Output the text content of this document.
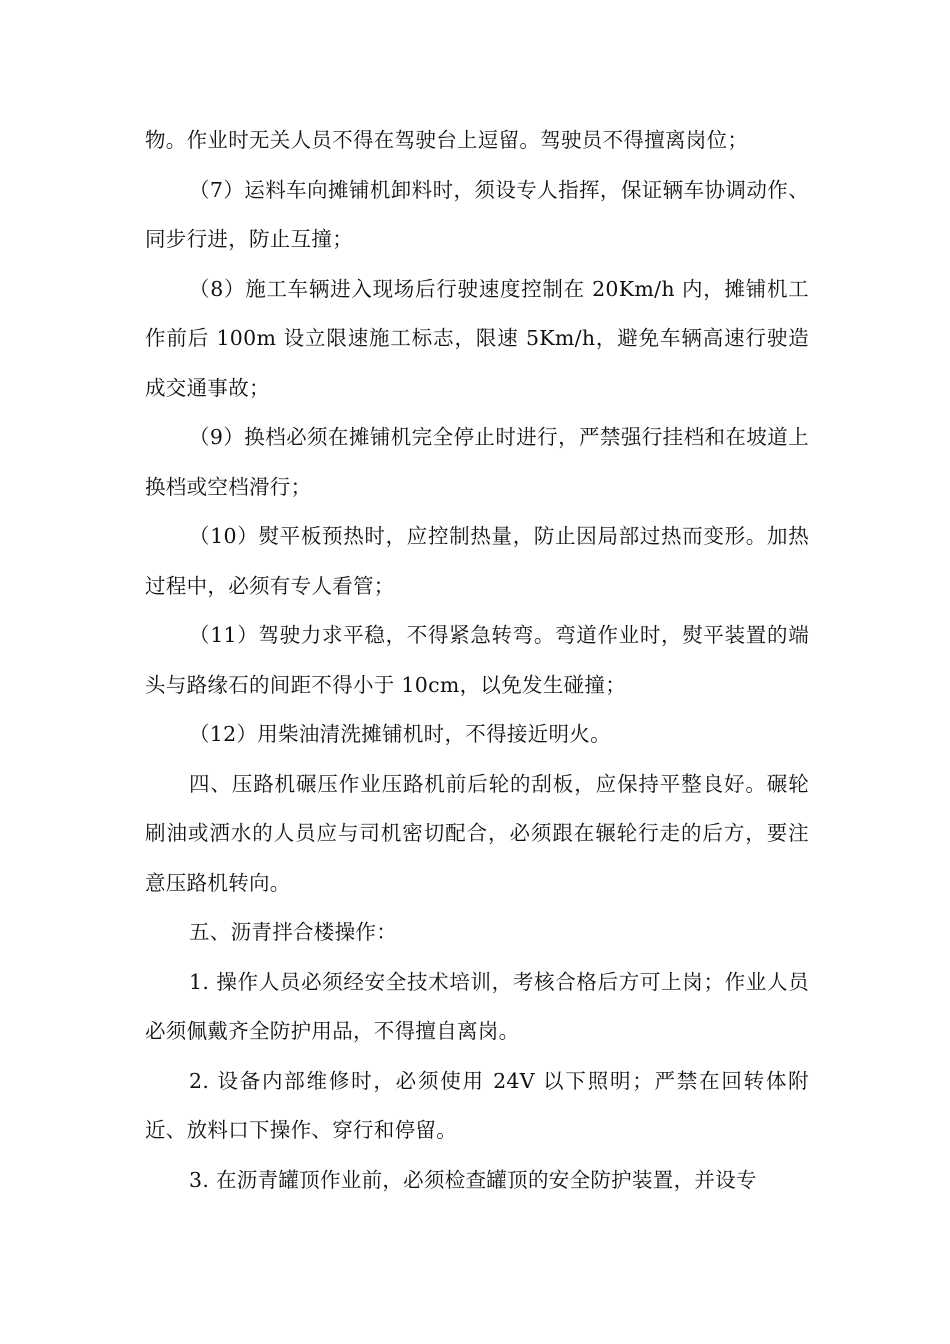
物。作业时无关人员不得在驾驶台上逗留。驾驶员不得擅离岗位；

（7）运料车向摊铺机卸料时，须设专人指挥，保证辆车协调动作、同步行进，防止互撞；

（8）施工车辆进入现场后行驶速度控制在 20Km/h 内，摊铺机工作前后 100m 设立限速施工标志，限速 5Km/h，避免车辆高速行驶造成交通事故；

（9）换档必须在摊铺机完全停止时进行，严禁强行挂档和在坡道上换档或空档滑行；

（10）熨平板预热时，应控制热量，防止因局部过热而变形。加热过程中，必须有专人看管；

（11）驾驶力求平稳，不得紧急转弯。弯道作业时，熨平装置的端头与路缘石的间距不得小于 10cm，以免发生碰撞；

（12）用柴油清洗摊铺机时，不得接近明火。

四、压路机碾压作业压路机前后轮的刮板，应保持平整良好。碾轮刷油或洒水的人员应与司机密切配合，必须跟在辗轮行走的后方，要注意压路机转向。

五、沥青拌合楼操作：

1. 操作人员必须经安全技术培训，考核合格后方可上岗；作业人员必须佩戴齐全防护用品，不得擅自离岗。

2. 设备内部维修时，必须使用 24V 以下照明；严禁在回转体附近、放料口下操作、穿行和停留。

3. 在沥青罐顶作业前，必须检查罐顶的安全防护装置，并设专
